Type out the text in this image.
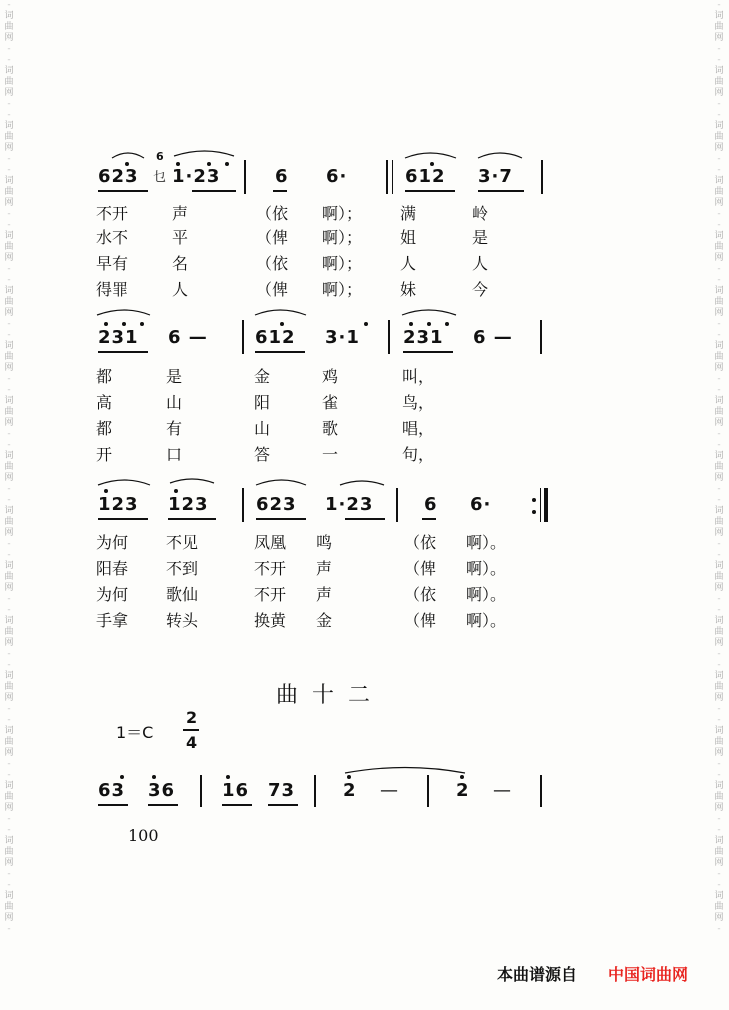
-
词
曲
网
-
-
词
曲
网
-
-
词
曲
网
-
-
词
曲
网
-
-
词
曲
网
-
-
词
曲
网
-
-
词
曲
网
-
-
词
曲
网
-
-
词
曲
网
-
-
词
曲
网
-
-
词
曲
网
-
-
词
曲
网
-
-
词
曲
网
-
-
词
曲
网
-
-
词
曲
网
-
-
词
曲
网
-
-
词
曲
网
-
-
词
曲
网
-
-
词
曲
网
-
-
词
曲
网
-
-
词
曲
网
-
-
词
曲
网
-
-
词
曲
网
-
-
词
曲
网
-
-
词
曲
网
-
-
词
曲
网
-
-
词
曲
网
-
-
词
曲
网
-
-
词
曲
网
-
-
词
曲
网
-
-
词
曲
网
-
-
词
曲
网
-
-
词
曲
网
-
-
词
曲
网
-
623
6
乜 1·23	6 6·	612 3·7
不开	声	（依 啊）； 满	岭
水不	平	（俾 啊）； 姐	是
早有	名	（依 啊）； 人	人
得罪	人	（俾 啊）； 妹	今
231 6 —	612 3·1 231 6 —
都	是	金	鸡	叫，
高	山	阳	雀	鸟，
都	有	山	歌	唱，
开	口	答	一	句，
123 123	623 1·23	6 6·
为何 不见	凤凰 鸣	（依 啊）。
阳春 不到	不开 声	（俾 啊）。
为何 歌仙	不开 声	（依 啊）。
手拿 转头	换黄 金	（俾 啊）。
曲十二
1＝C
2
4
63 36	16 73	2 —	2 —
100
本曲谱源自 中国词曲网
